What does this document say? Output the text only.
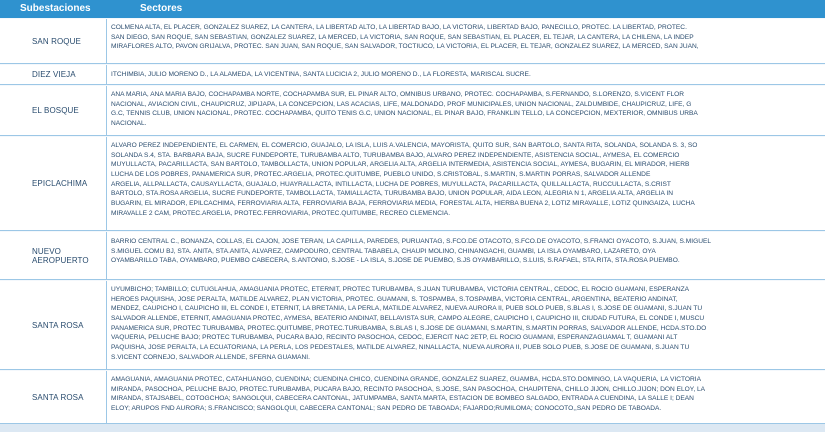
Subestaciones	Sectores
SAN ROQUE
COLMENA ALTA, EL PLACER, GONZALEZ SUAREZ, LA CANTERA, LA LIBERTAD ALTO, LA LIBERTAD BAJO, LA VICTORIA, LIBERTAD BAJO, PANECILLO, PROTEC. LA LIBERTAD, PROTEC.
SAN DIEGO, SAN ROQUE, SAN SEBASTIAN, GONZALEZ SUAREZ, LA MERCED, LA VICTORIA, SAN ROQUE, SAN SEBASTIAN, EL PLACER, EL TEJAR, LA CANTERA, LA CHILENA, LA INDEP
MIRAFLORES ALTO, PAVON GRIJALVA, PROTEC. SAN JUAN, SAN ROQUE, SAN SALVADOR, TOCTIUCO, LA VICTORIA, EL PLACER, EL TEJAR, GONZALEZ SUAREZ, LA MERCED, SAN JUAN,
DIEZ VIEJA	ITCHIMBIA, JULIO MORENO D., LA ALAMEDA, LA VICENTINA, SANTA LUCICIA 2, JULIO MORENO D., LA FLORESTA, MARISCAL SUCRE.
EL BOSQUE
ANA MARIA, ANA MARIA BAJO, COCHAPAMBA NORTE, COCHAPAMBA SUR, EL PINAR ALTO, OMNIBUS URBANO, PROTEC. COCHAPAMBA, S.FERNANDO, S.LORENZO, S.VICENT FLOR
NACIONAL, AVIACION CIVIL, CHAUPICRUZ, JIPIJAPA, LA CONCEPCION, LAS ACACIAS, LIFE, MALDONADO, PROF MUNICIPALES, UNION NACIONAL, ZALDUMBIDE, CHAUPICRUZ, LIFE, G
G.C, TENNIS CLUB, UNION NACIONAL, PROTEC. COCHAPAMBA, QUITO TENIS G.C, UNION NACIONAL, EL PINAR BAJO, FRANKLIN TELLO, LA CONCEPCION, MEXTERIOR, OMNIBUS URBA
NACIONAL.
EPICLACHIMA
ALVARO PEREZ INDEPENDIENTE, EL CARMEN, EL COMERCIO, GUAJALO, LA ISLA, LUIS A.VALENCIA, MAYORISTA, QUITO SUR, SAN BARTOLO, SANTA RITA, SOLANDA, SOLANDA S. 3, SO
SOLANDA S.4, STA. BARBARA BAJA, SUCRE FUNDEPORTE, TURUBAMBA ALTO, TURUBAMBA BAJO, ALVARO PEREZ INDEPENDIENTE, ASISTENCIA SOCIAL, AYMESA, EL COMERCIO
MUYULLACTA, PACARILLACTA, SAN BARTOLO, TAMBOLLACTA, UNION POPULAR, ARGELIA ALTA, ARGELIA INTERMEDIA, ASISTENCIA SOCIAL, AYMESA, BUGARIN, EL MIRADOR, HIERB
LUCHA DE LOS POBRES, PANAMERICA SUR, PROTEC.ARGELIA, PROTEC.QUITUMBE, PUEBLO UNIDO, S.CRISTOBAL, S.MARTIN, S.MARTIN PORRAS, SALVADOR ALLENDE
ARGELIA, ALLPALLACTA, CAUSAYLLACTA, GUAJALO, HUAYRALLACTA, INTILLACTA, LUCHA DE POBRES, MUYULLACTA, PACARILLACTA, QUILLALLACTA, RUCCULLACTA, S.CRIST
BARTOLO, STA.ROSA ARGELIA, SUCRE FUNDEPORTE, TAMBOLLACTA, TAMIALLACTA, TURUBAMBA BAJO, UNION POPULAR, AIDA LEON, ALEGRIA N 1, ARGELIA ALTA, ARGELIA IN
BUGARIN, EL MIRADOR, EPILCACHIMA, FERROVIARIA ALTA, FERROVIARIA BAJA, FERROVIARIA MEDIA, FORESTAL ALTA, HIERBA BUENA 2, LOTIZ MIRAVALLE, LOTIZ QUINGAIZA, LUCHA
MIRAVALLE 2 CAM, PROTEC.ARGELIA, PROTEC.FERROVIARIA, PROTEC.QUITUMBE, RECREO CLEMENCIA.
NUEVO AEROPUERTO
BARRIO CENTRAL C., BONANZA, COLLAS, EL CAJON, JOSE TERAN, LA CAPILLA, PAREDES, PURUANTAG, S.FCO.DE OTACOTO, S.FCO.DE OYACOTO, S.FRANCI OYACOTO, S.JUAN, S.MIGUEL
S.MIGUEL COMU BJ, STA. ANITA, STA.ANITA, ALVAREZ, CAMPODURO, CENTRAL TABABELA, CHAUPI MOLINO, CHINANGACHI, GUAMBI, LA ISLA OYAMBARO, LAZARETO, OYA
OYAMBARILLO TABA, OYAMBARO, PUEMBO CABECERA, S.ANTONIO, S.JOSE - LA ISLA, S.JOSE DE PUEMBO, S.JS OYAMBARILLO, S.LUIS, S.RAFAEL, STA.RITA, STA.ROSA PUEMBO.
SANTA ROSA
UYUMBICHO; TAMBILLO; CUTUGLAHUA, AMAGUANIA PROTEC, ETERNIT, PROTEC TURUBAMBA, S.JUAN TURUBAMBA, VICTORIA CENTRAL, CEDOC, EL ROCIO GUAMANI, ESPERANZA
HEROES PAQUISHA, JOSE PERALTA, MATILDE ALVAREZ, PLAN VICTORIA, PROTEC. GUAMANI, S. TOSPAMBA, S.TOSPAMBA, VICTORIA CENTRAL, ARGENTINA, BEATERIO ANDINAT,
MENDEZ, CAUPICHO I, CAUPICHO III, EL CONDE I, ETERNIT, LA BRETANIA, LA PERLA, MATILDE ALVAREZ, NUEVA AURORA II, PUEB SOLO PUEB, S.BLAS I, S.JOSE DE GUAMANI, S.JUAN TU
SALVADOR ALLENDE, ETERNIT, AMAGUANIA PROTEC, AYMESA, BEATERIO ANDINAT, BELLAVISTA SUR, CAMPO ALEGRE, CAUPICHO I, CAUPICHO III, CIUDAD FUTURA, EL CONDE I, MUSCU
PANAMERICA SUR, PROTEC TURUBAMBA, PROTEC.QUITUMBE, PROTEC.TURUBAMBA, S.BLAS I, S.JOSE DE GUAMANI, S.MARTIN, S.MARTIN PORRAS, SALVADOR ALLENDE, HCDA.STO.DO
VAQUERIA, PELUCHE BAJO; PROTEC TURUBAMBA, PUCARA BAJO, RECINTO PASOCHOA, CEDOC, EJERCIT NAC 2ETP, EL ROCIO GUAMANI, ESPERANZAGUAMAL T, GUAMANI ALT
PAQUISHA, JOSE PERALTA, LA ECUATORIANA, LA PERLA, LOS PEDESTALES, MATILDE ALVAREZ, NINALLACTA, NUEVA AURORA II, PUEB SOLO PUEB, S.JOSE DE GUAMANI, S.JUAN TU
S.VICENT CORNEJO, SALVADOR ALLENDE, SFERNA GUAMANI.
SANTA ROSA
AMAGUANIA, AMAGUANIA PROTEC, CATAHUANGO, CUENDINA; CUENDINA CHICO, CUENDINA GRANDE, GONZALEZ SUAREZ, GUAMBA, HCDA.STO.DOMINGO, LA VAQUERIA, LA VICTORIA
MIRANDA, PASOCHOA, PELUCHE BAJO, PROTEC.TURUBAMBA, PUCARA BAJO, RECINTO PASOCHOA, S.JOSE, SAN PASOCHOA, CHAUPITENA, CHILLO JIJON, CHILLO.JIJON; DON ELOY, LA
MIRANDA, STAJSABEL, COTOGCHOA; SANGOLQUI, CABECERA CANTONAL, JATUMPAMBA, SANTA MARTA, ESTACION DE BOMBEO SALGADO, ENTRADA A CUENDINA, LA SALLE I; DEAN
ELOY; ARUPOS FND AURORA; S.FRANCISCO; SANGOLQUI, CABECERA CANTONAL; SAN PEDRO DE TABOADA; FAJARDO;RUMILOMA; CONOCOTO,,SAN PEDRO DE TABOADA.
